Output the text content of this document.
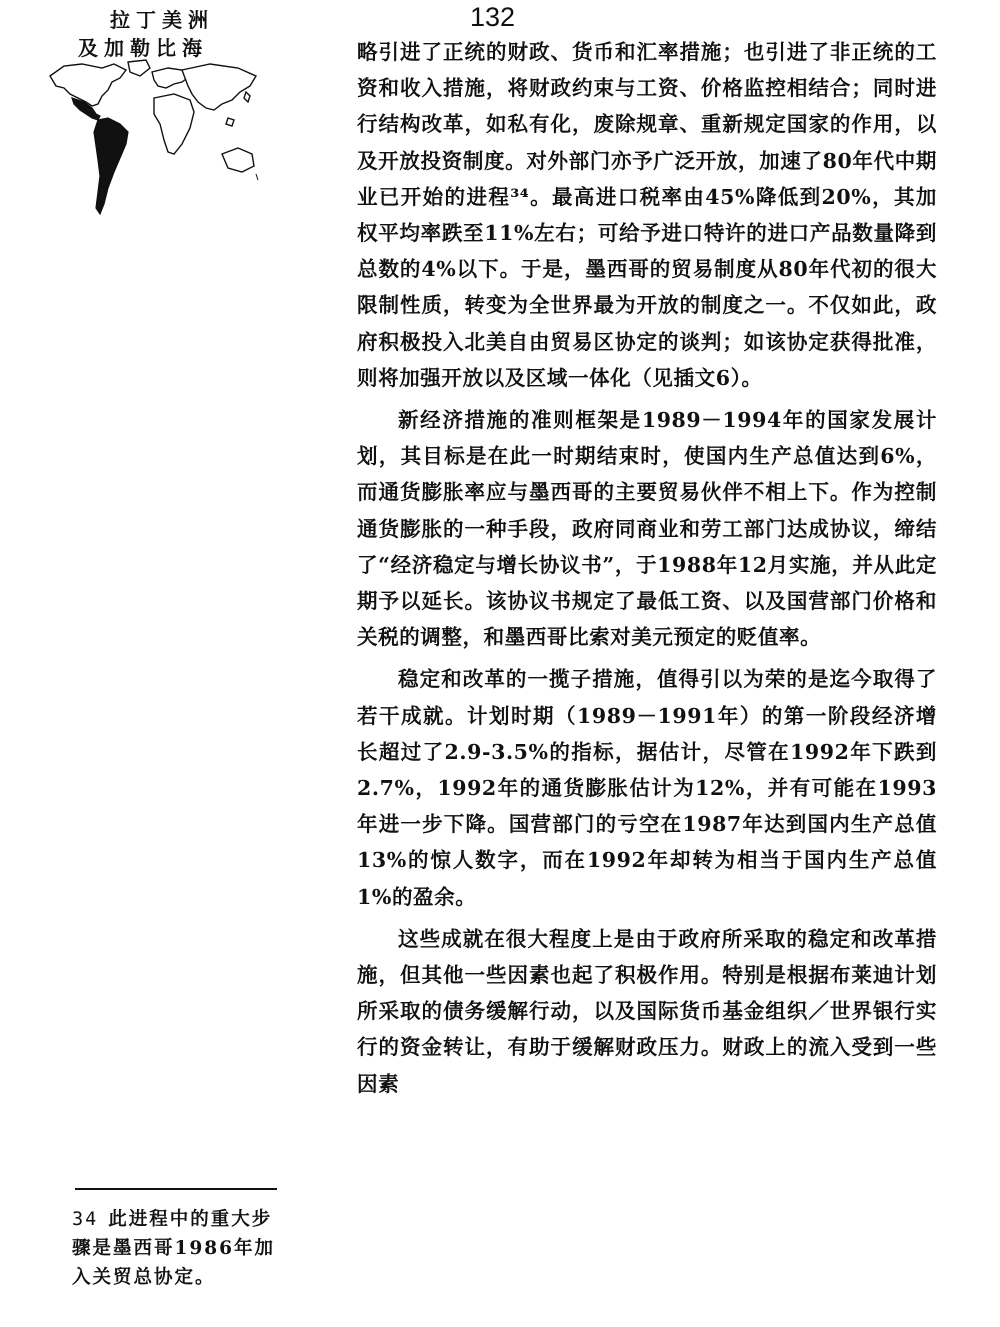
拉丁美洲
及加勒比海
132

略引进了正统的财政、货币和汇率措施；也引进了非正统的工资和收入措施，将财政约束与工资、价格监控相结合；同时进行结构改革，如私有化，废除规章、重新规定国家的作用，以及开放投资制度。对外部门亦予广泛开放，加速了80年代中期业已开始的进程³⁴。最高进口税率由45%降低到20%，其加权平均率跌至11%左右；可给予进口特许的进口产品数量降到总数的4%以下。于是，墨西哥的贸易制度从80年代初的很大限制性质，转变为全世界最为开放的制度之一。不仅如此，政府积极投入北美自由贸易区协定的谈判；如该协定获得批准，则将加强开放以及区域一体化（见插文6）。

新经济措施的准则框架是1989－1994年的国家发展计划，其目标是在此一时期结束时，使国内生产总值达到6%，而通货膨胀率应与墨西哥的主要贸易伙伴不相上下。作为控制通货膨胀的一种手段，政府同商业和劳工部门达成协议，缔结了“经济稳定与增长协议书”，于1988年12月实施，并从此定期予以延长。该协议书规定了最低工资、以及国营部门价格和关税的调整，和墨西哥比索对美元预定的贬值率。

稳定和改革的一揽子措施，值得引以为荣的是迄今取得了若干成就。计划时期（1989－1991年）的第一阶段经济增长超过了2.9-3.5%的指标，据估计，尽管在1992年下跌到2.7%，1992年的通货膨胀估计为12%，并有可能在1993年进一步下降。国营部门的亏空在1987年达到国内生产总值13%的惊人数字，而在1992年却转为相当于国内生产总值1%的盈余。

这些成就在很大程度上是由于政府所采取的稳定和改革措施，但其他一些因素也起了积极作用。特别是根据布莱迪计划所采取的债务缓解行动，以及国际货币基金组织／世界银行实行的资金转让，有助于缓解财政压力。财政上的流入受到一些因素

34 此进程中的重大步骤是墨西哥1986年加入关贸总协定。
